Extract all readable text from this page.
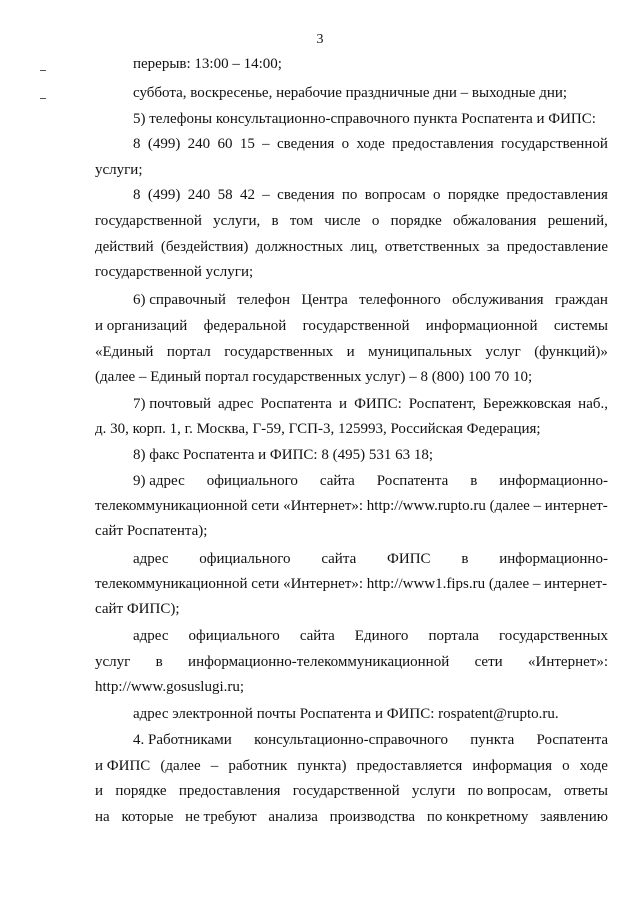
3
перерыв: 13:00 – 14:00;
суббота, воскресенье, нерабочие праздничные дни – выходные дни;
5) телефоны консультационно-справочного пункта Роспатента и ФИПС:
8 (499) 240 60 15 – сведения о ходе предоставления государственной
услуги;
8 (499) 240 58 42 – сведения по вопросам о порядке предоставления
государственной услуги, в том числе о порядке обжалования решений,
действий (бездействия) должностных лиц, ответственных за предоставление
государственной услуги;
6) справочный телефон Центра телефонного обслуживания граждан
и организаций федеральной государственной информационной системы
«Единый портал государственных и муниципальных услуг (функций)»
(далее – Единый портал государственных услуг) – 8 (800) 100 70 10;
7) почтовый адрес Роспатента и ФИПС: Роспатент, Бережковская наб.,
д. 30, корп. 1, г. Москва, Г-59, ГСП-3, 125993, Российская Федерация;
8) факс Роспатента и ФИПС: 8 (495) 531 63 18;
9) адрес официального сайта Роспатента в информационно-
телекоммуникационной сети «Интернет»: http://www.rupto.ru (далее – интернет-
сайт Роспатента);
адрес официального сайта ФИПС в информационно-
телекоммуникационной сети «Интернет»: http://www1.fips.ru (далее – интернет-
сайт ФИПС);
адрес официального сайта Единого портала государственных
услуг в информационно-телекоммуникационной сети «Интернет»:
http://www.gosuslugi.ru;
адрес электронной почты Роспатента и ФИПС: rospatent@rupto.ru.
4. Работниками консультационно-справочного пункта Роспатента
и ФИПС (далее – работник пункта) предоставляется информация о ходе
и порядке предоставления государственной услуги по вопросам, ответы
на которые не требуют анализа производства по конкретному заявлению
